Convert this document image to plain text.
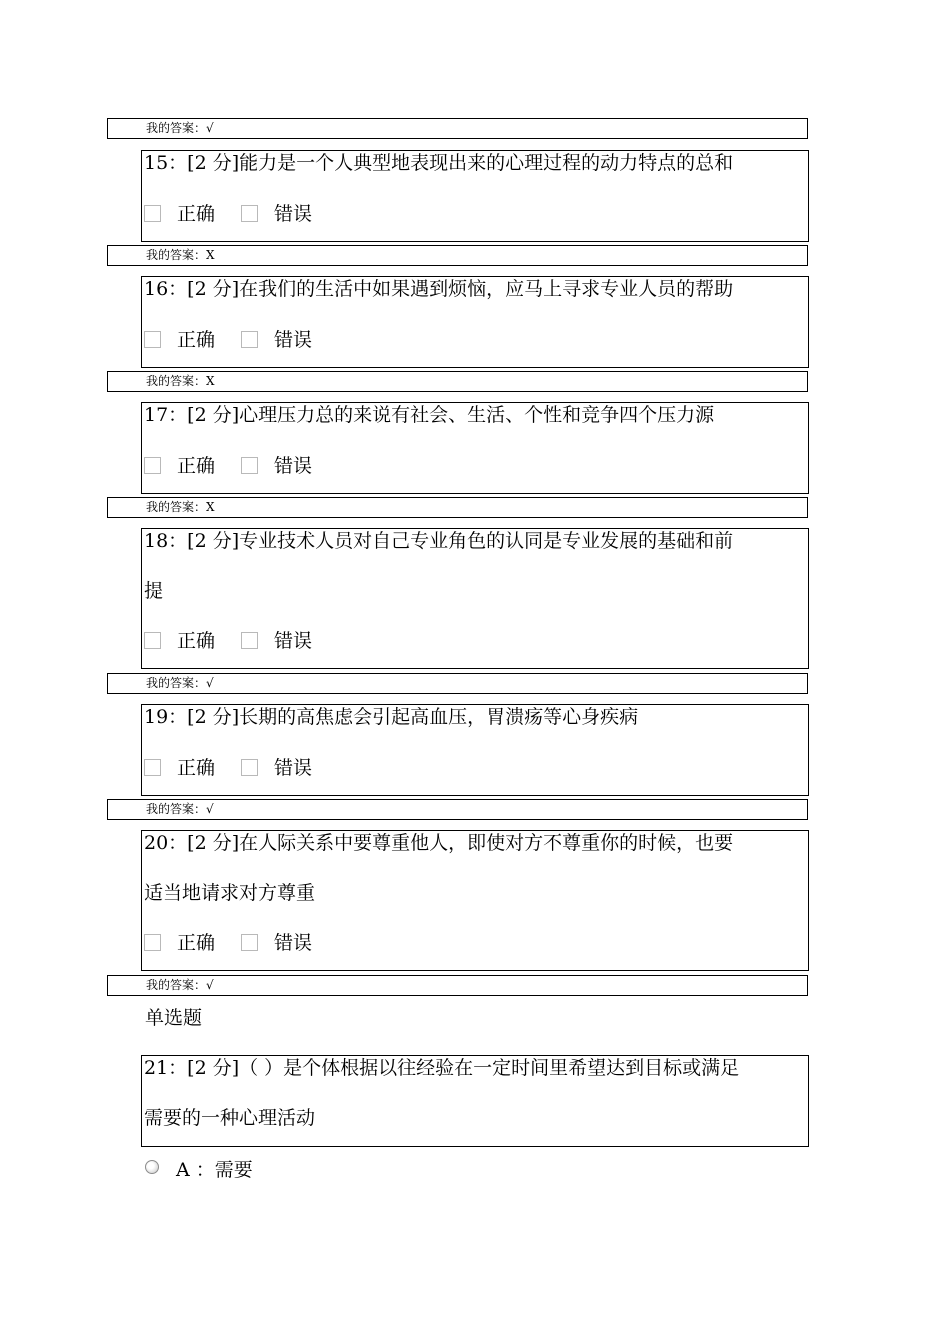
我的答案：√
15：[2 分]能力是一个人典型地表现出来的心理过程的动力特点的总和
正确	错误
我的答案：X
16：[2 分]在我们的生活中如果遇到烦恼，应马上寻求专业人员的帮助
正确	错误
我的答案：X
17：[2 分]心理压力总的来说有社会、生活、个性和竞争四个压力源
正确	错误
我的答案：X
18：[2 分]专业技术人员对自己专业角色的认同是专业发展的基础和前
提
正确	错误
我的答案：√
19：[2 分]长期的高焦虑会引起高血压，胃溃疡等心身疾病
正确	错误
我的答案：√
20：[2 分]在人际关系中要尊重他人，即使对方不尊重你的时候，也要
适当地请求对方尊重
正确	错误
我的答案：√
单选题
21：[2 分]（ ）是个体根据以往经验在一定时间里希望达到目标或满足
需要的一种心理活动
A ：需要
